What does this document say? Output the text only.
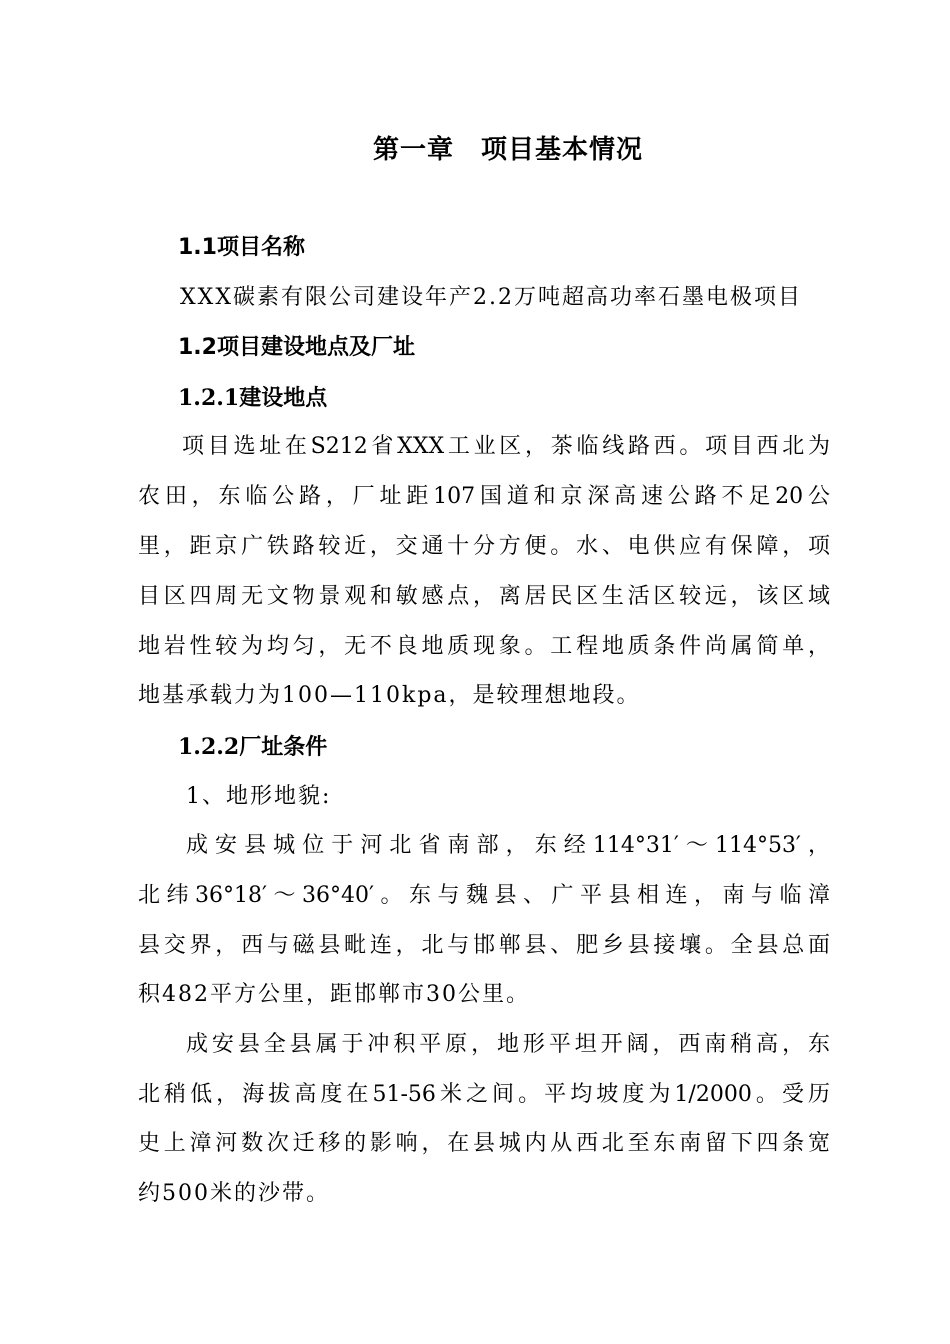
第一章　项目基本情况
1.1项目名称
XXX碳素有限公司建设年产2.2万吨超高功率石墨电极项目
1.2项目建设地点及厂址
1.2.1建设地点
项目选址在S212省XXX工业区，茶临线路西。项目西北为
农田，东临公路，厂址距107国道和京深高速公路不足20公
里，距京广铁路较近，交通十分方便。水、电供应有保障，项
目区四周无文物景观和敏感点，离居民区生活区较远，该区域
地岩性较为均匀，无不良地质现象。工程地质条件尚属简单，
地基承载力为100—110kpa，是较理想地段。
1.2.2厂址条件
1、地形地貌:
成安县城位于河北省南部，东经114°31′～114°53′，
北纬36°18′～36°40′。东与魏县、广平县相连，南与临漳
县交界，西与磁县毗连，北与邯郸县、肥乡县接壤。全县总面
积482平方公里，距邯郸市30公里。
成安县全县属于冲积平原，地形平坦开阔，西南稍高，东
北稍低，海拔高度在51-56米之间。平均坡度为1/2000。受历
史上漳河数次迁移的影响，在县城内从西北至东南留下四条宽
约500米的沙带。
